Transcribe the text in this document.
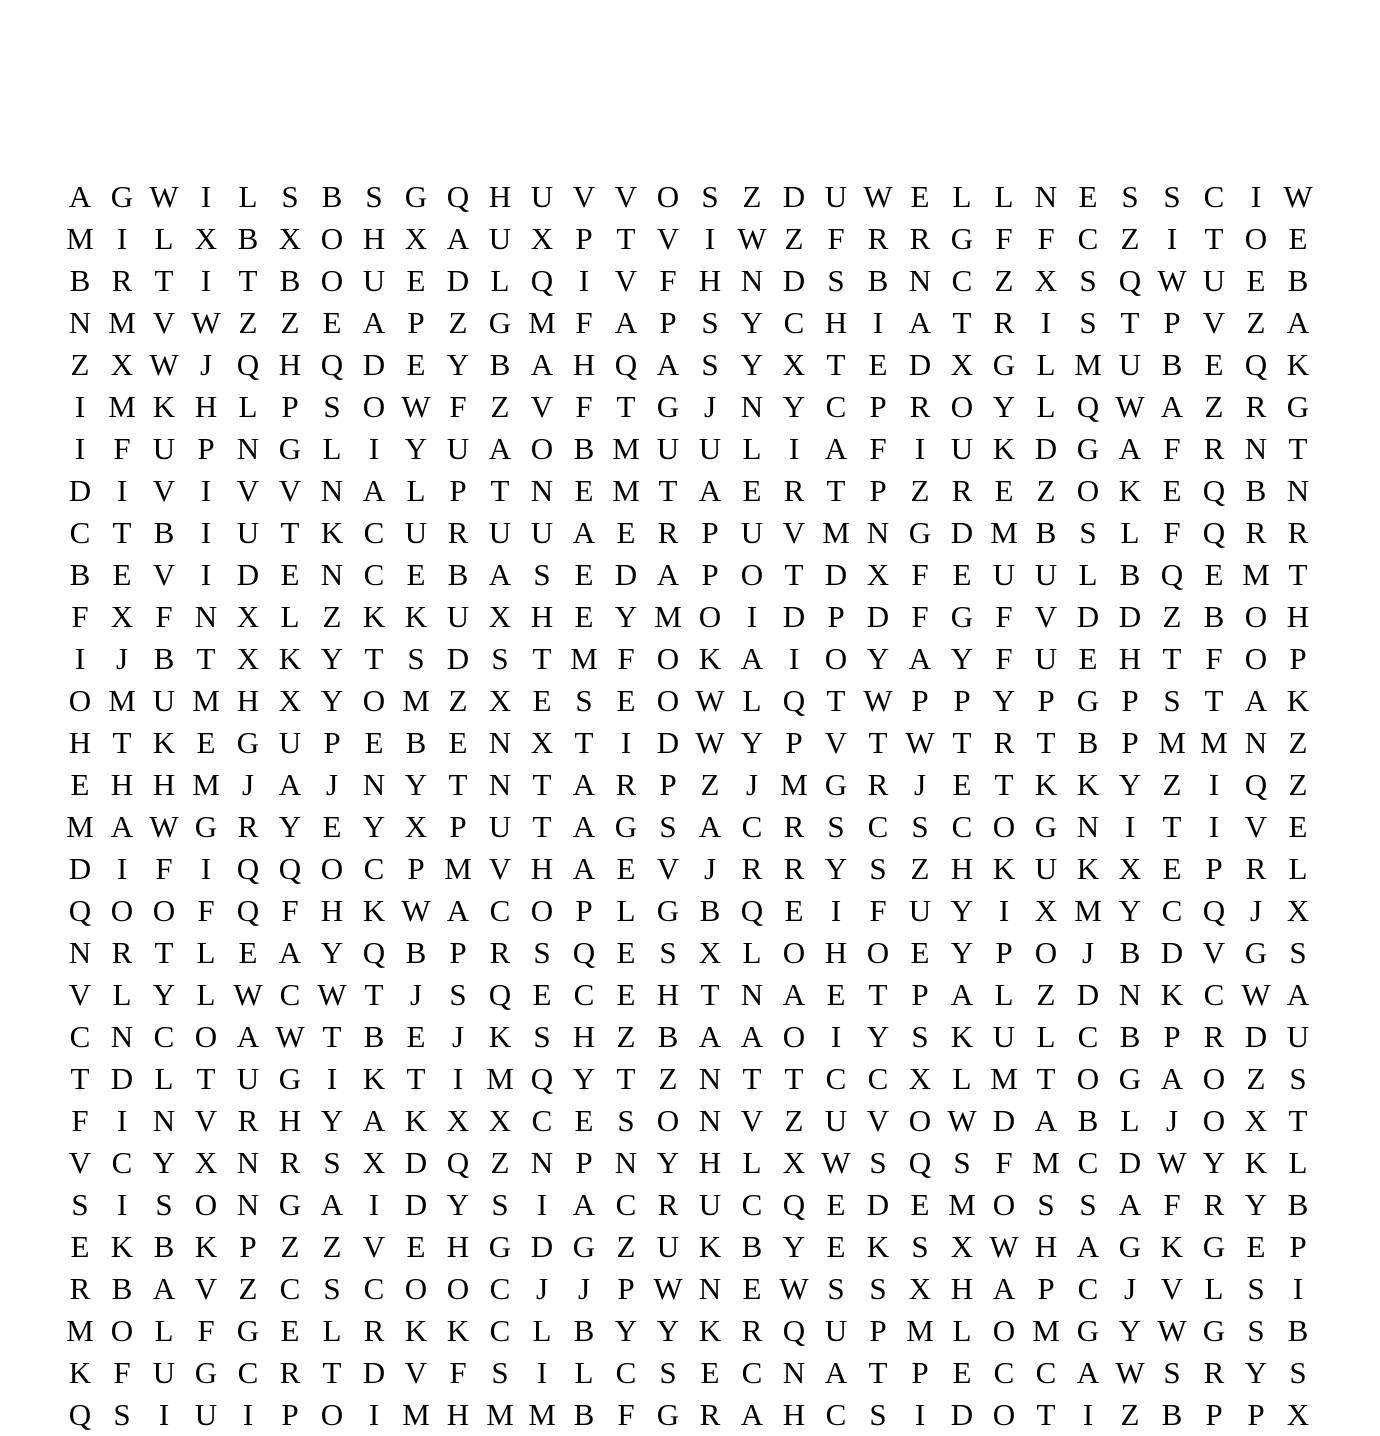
A G W I L S B S G Q H U V V O S Z D U W E L L N E S S C I W
M I L X B X O H X A U X P T V I W Z F R R G F F C Z I T O E
B R T I T B O U E D L Q I V F H N D S B N C Z X S Q W U E B
N M V W Z Z E A P Z G M F A P S Y C H I A T R I S T P V Z A
Z X W J Q H Q D E Y B A H Q A S Y X T E D X G L M U B E Q K
I M K H L P S O W F Z V F T G J N Y C P R O Y L Q W A Z R G
I F U P N G L I Y U A O B M U U L I A F I U K D G A F R N T
D I V I V V N A L P T N E M T A E R T P Z R E Z O K E Q B N
C T B I U T K C U R U U A E R P U V M N G D M B S L F Q R R
B E V I D E N C E B A S E D A P O T D X F E U U L B Q E M T
F X F N X L Z K K U X H E Y M O I D P D F G F V D D Z B O H
I J B T X K Y T S D S T M F O K A I O Y A Y F U E H T F O P
O M U M H X Y O M Z X E S E O W L Q T W P P Y P G P S T A K
H T K E G U P E B E N X T I D W Y P V T W T R T B P M M N Z
E H H M J A J N Y T N T A R P Z J M G R J E T K K Y Z I Q Z
M A W G R Y E Y X P U T A G S A C R S C S C O G N I T I V E
D I F I Q Q O C P M V H A E V J R R Y S Z H K U K X E P R L
Q O O F Q F H K W A C O P L G B Q E I F U Y I X M Y C Q J X
N R T L E A Y Q B P R S Q E S X L O H O E Y P O J B D V G S
V L Y L W C W T J S Q E C E H T N A E T P A L Z D N K C W A
C N C O A W T B E J K S H Z B A A O I Y S K U L C B P R D U
T D L T U G I K T I M Q Y T Z N T T C C X L M T O G A O Z S
F I N V R H Y A K X X C E S O N V Z U V O W D A B L J O X T
V C Y X N R S X D Q Z N P N Y H L X W S Q S F M C D W Y K L
S I S O N G A I D Y S I A C R U C Q E D E M O S S A F R Y B
E K B K P Z Z V E H G D G Z U K B Y E K S X W H A G K G E P
R B A V Z C S C O O C J J P W N E W S S X H A P C J V L S I
M O L F G E L R K K C L B Y Y K R Q U P M L O M G Y W G S B
K F U G C R T D V F S I L C S E C N A T P E C C A W S R Y S
Q S I U I P O I M H M M B F G R A H C S I D O T I Z B P P X
